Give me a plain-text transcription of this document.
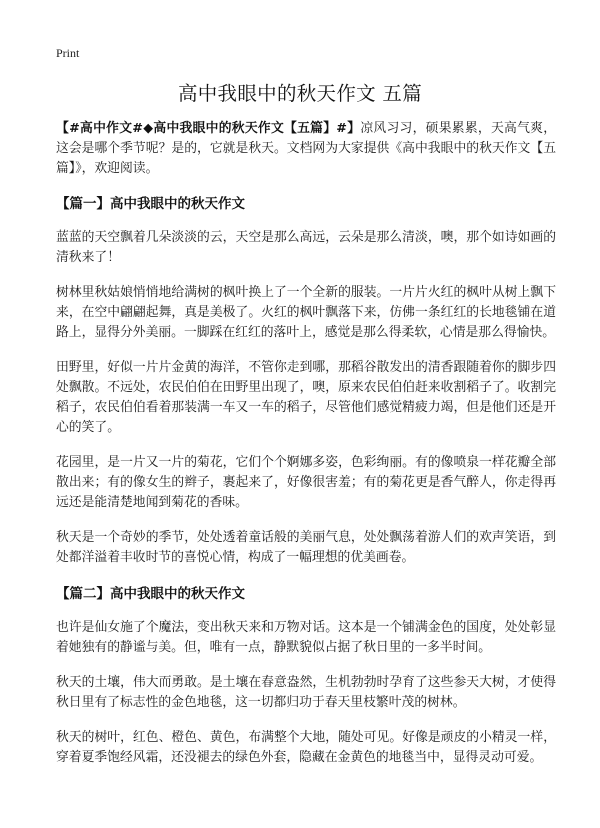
Print
高中我眼中的秋天作文 五篇

【#高中作文#◆高中我眼中的秋天作文【五篇】#】凉风习习，硕果累累，天高气爽，这会是哪个季节呢？是的，它就是秋天。文档网为大家提供《高中我眼中的秋天作文【五篇】》，欢迎阅读。

【篇一】高中我眼中的秋天作文

蓝蓝的天空飘着几朵淡淡的云，天空是那么高远，云朵是那么清淡，噢，那个如诗如画的清秋来了！

树林里秋姑娘悄悄地给满树的枫叶换上了一个全新的服装。一片片火红的枫叶从树上飘下来，在空中翩翩起舞，真是美极了。火红的枫叶飘落下来，仿佛一条红红的长地毯铺在道路上，显得分外美丽。一脚踩在红红的落叶上，感觉是那么得柔软，心情是那么得愉快。

田野里，好似一片片金黄的海洋，不管你走到哪，那稻谷散发出的清香跟随着你的脚步四处飘散。不远处，农民伯伯在田野里出现了，噢，原来农民伯伯赶来收割稻子了。收割完稻子，农民伯伯看着那装满一车又一车的稻子，尽管他们感觉精疲力竭，但是他们还是开心的笑了。

花园里，是一片又一片的菊花，它们个个婀娜多姿，色彩绚丽。有的像喷泉一样花瓣全部散出来；有的像女生的辫子，裹起来了，好像很害羞；有的菊花更是香气醉人，你走得再远还是能清楚地闻到菊花的香味。

秋天是一个奇妙的季节，处处透着童话般的美丽气息，处处飘荡着游人们的欢声笑语，到处都洋溢着丰收时节的喜悦心情，构成了一幅理想的优美画卷。

【篇二】高中我眼中的秋天作文

也许是仙女施了个魔法，变出秋天来和万物对话。这本是一个铺满金色的国度，处处彰显着她独有的静谧与美。但，唯有一点，静默貌似占据了秋日里的一多半时间。

秋天的土壤，伟大而勇敢。是土壤在春意盎然，生机勃勃时孕育了这些参天大树，才使得秋日里有了标志性的金色地毯，这一切都归功于春天里枝繁叶茂的树林。

秋天的树叶，红色、橙色、黄色，布满整个大地，随处可见。好像是顽皮的小精灵一样，穿着夏季饱经风霜，还没褪去的绿色外套，隐藏在金黄色的地毯当中，显得灵动可爱。
